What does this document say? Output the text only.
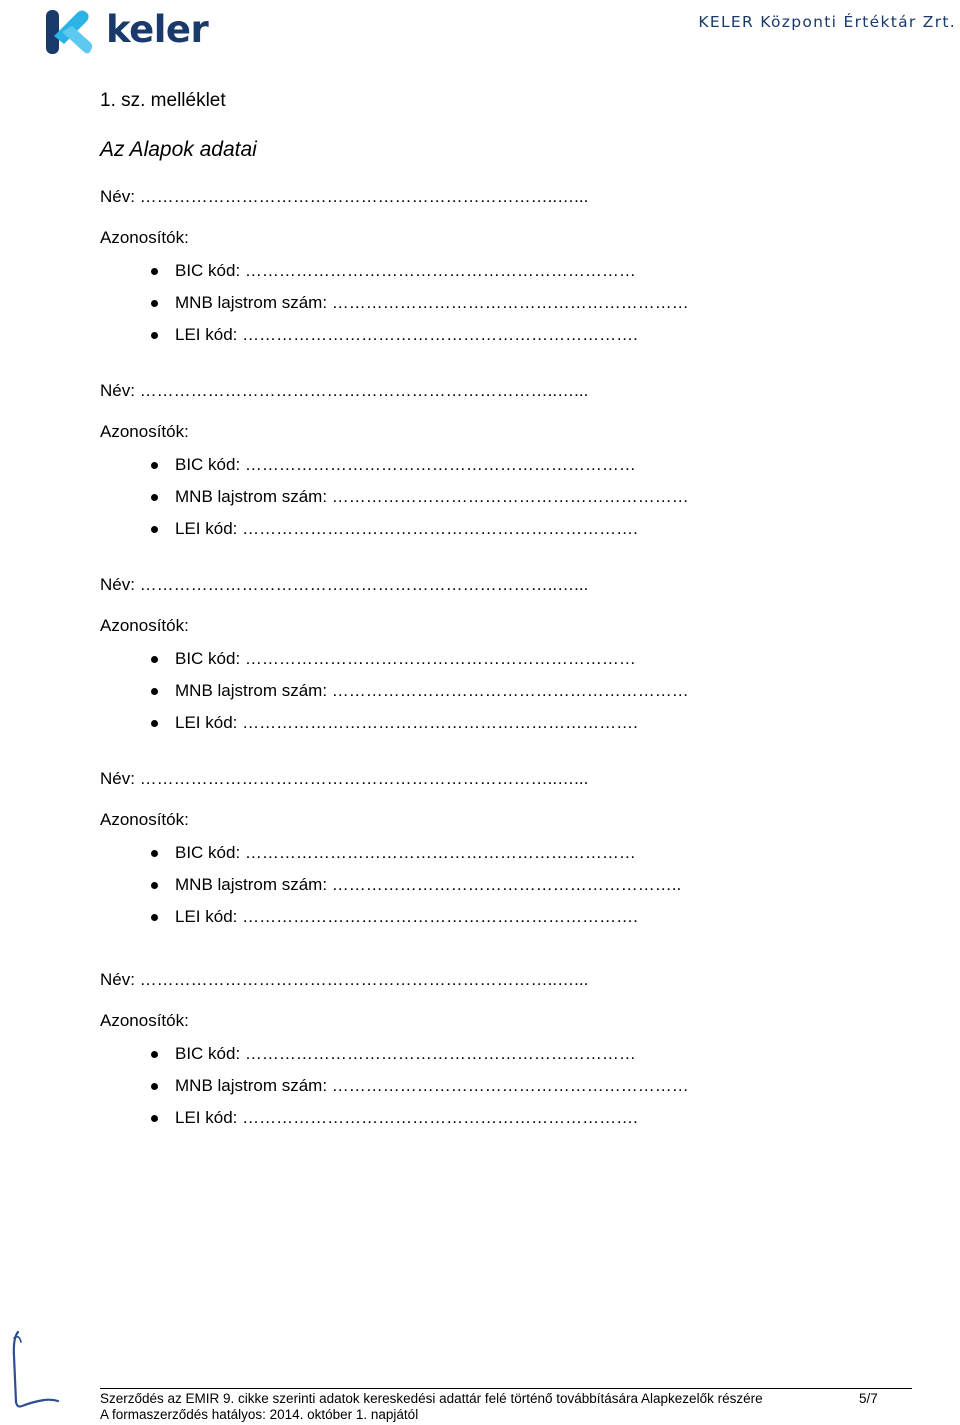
keler	KELER Központi Értéktár Zrt.
1. sz. melléklet
Az Alapok adatai
Név: ………………………………………………………………..…...
Azonosítók:
BIC kód: ……………………………………………………………
MNB lajstrom szám: ………………………………………………………
LEI kód: …………………………………………………………….
Név: ………………………………………………………………..…...
Azonosítók:
BIC kód: ……………………………………………………………
MNB lajstrom szám: ………………………………………………………
LEI kód: …………………………………………………………….
Név: ………………………………………………………………..…...
Azonosítók:
BIC kód: ……………………………………………………………
MNB lajstrom szám: ………………………………………………………
LEI kód: …………………………………………………………….
Név: ………………………………………………………………..…...
Azonosítók:
BIC kód: ……………………………………………………………
MNB lajstrom szám: ……………………………………………………..
LEI kód: …………………………………………………………….
Név: ………………………………………………………………..…...
Azonosítók:
BIC kód: ……………………………………………………………
MNB lajstrom szám: ………………………………………………………
LEI kód: …………………………………………………………….
Szerződés az EMIR 9. cikke szerinti adatok kereskedési adattár felé történő továbbítására Alapkezelők részére	5/7
A formaszerződés hatályos: 2014. október 1. napjától
